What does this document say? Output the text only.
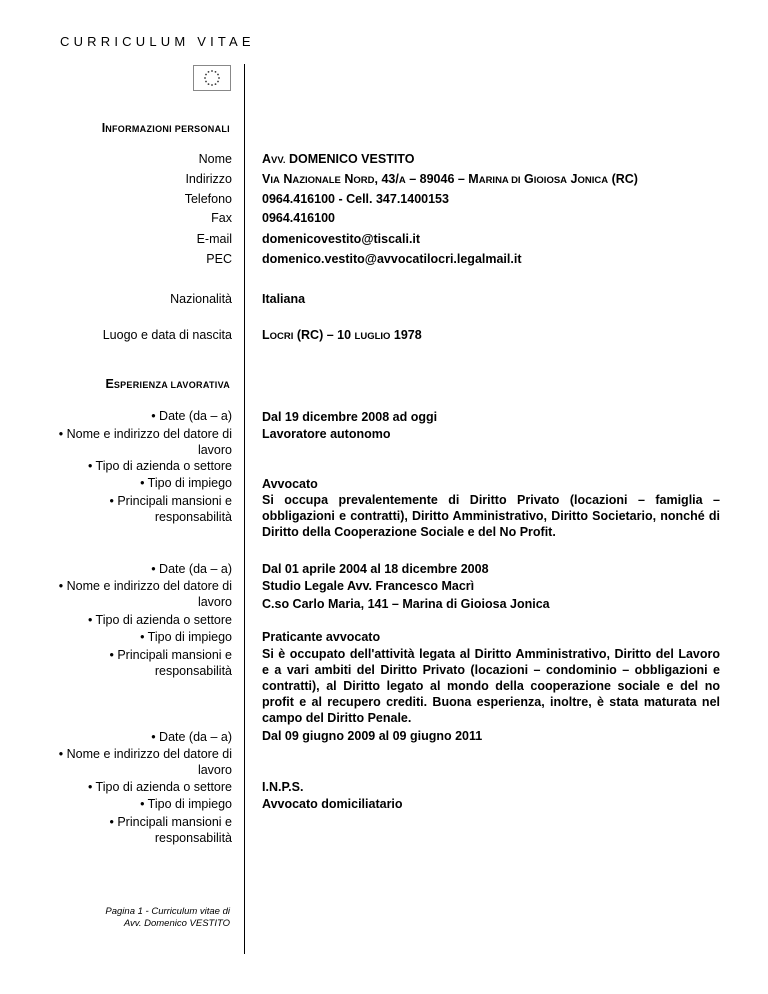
CURRICULUM VITAE
INFORMAZIONI PERSONALI
Nome AVV. DOMENICO VESTITO
Indirizzo VIA NAZIONALE NORD, 43/A – 89046 – MARINA DI GIOIOSA JONICA (RC)
Telefono 0964.416100 - Cell. 347.1400153
Fax 0964.416100
E-mail domenicovestito@tiscali.it
PEC domenico.vestito@avvocatilocri.legalmail.it
Nazionalità Italiana
Luogo e data di nascita LOCRI (RC) – 10 LUGLIO 1978
ESPERIENZA LAVORATIVA
• Date (da – a)
• Nome e indirizzo del datore di
lavoro
• Tipo di azienda o settore
• Tipo di impiego
• Principali mansioni e
responsabilità
Dal 19 dicembre 2008 ad oggi
Lavoratore autonomo
Avvocato
Si occupa prevalentemente di Diritto Privato (locazioni – famiglia – obbligazioni e contratti), Diritto Amministrativo, Diritto Societario, nonché di Diritto della Cooperazione Sociale e del No Profit.
• Date (da – a)
• Nome e indirizzo del datore di
lavoro
• Tipo di azienda o settore
• Tipo di impiego
• Principali mansioni e
responsabilità
Dal 01 aprile 2004 al 18 dicembre 2008
Studio Legale Avv. Francesco Macrì
C.so Carlo Maria, 141 – Marina di Gioiosa Jonica
Praticante avvocato
Si è occupato dell'attività legata al Diritto Amministrativo, Diritto del Lavoro e a vari ambiti del Diritto Privato (locazioni – condominio – obbligazioni e contratti), al Diritto legato al mondo della cooperazione sociale e del no profit e al recupero crediti. Buona esperienza, inoltre, è stata maturata nel campo del Diritto Penale.
• Date (da – a)
• Nome e indirizzo del datore di
lavoro
• Tipo di azienda o settore
• Tipo di impiego
• Principali mansioni e
responsabilità
Dal 09 giugno 2009 al 09 giugno 2011
I.N.P.S.
Avvocato domiciliatario
Pagina 1 - Curriculum vitae di
Avv. Domenico VESTITO
